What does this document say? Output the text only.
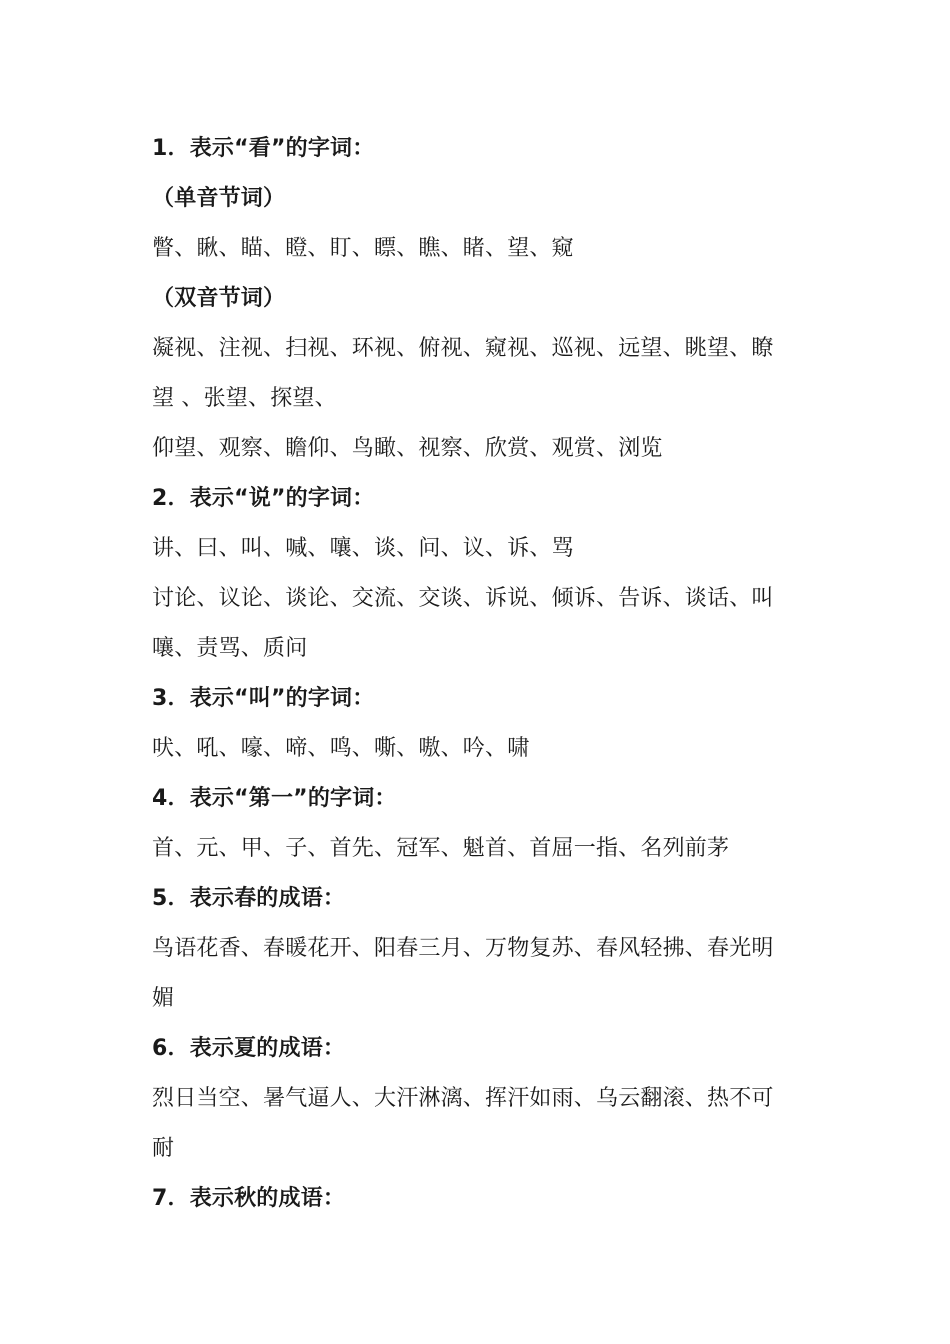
1．表示“看”的字词：
（单音节词）
瞥、瞅、瞄、瞪、盯、瞟、瞧、睹、望、窥
（双音节词）
凝视、注视、扫视、环视、俯视、窥视、巡视、远望、眺望、瞭
望 、张望、探望、
仰望、观察、瞻仰、鸟瞰、视察、欣赏、观赏、浏览
2．表示“说”的字词：
讲、曰、叫、喊、嚷、谈、问、议、诉、骂
讨论、议论、谈论、交流、交谈、诉说、倾诉、告诉、谈话、叫
嚷、责骂、质问
3．表示“叫”的字词：
吠、吼、嚎、啼、鸣、嘶、嗷、吟、啸
4．表示“第一”的字词：
首、元、甲、子、首先、冠军、魁首、首屈一指、名列前茅
5．表示春的成语：
鸟语花香、春暖花开、阳春三月、万物复苏、春风轻拂、春光明
媚
6．表示夏的成语：
烈日当空、暑气逼人、大汗淋漓、挥汗如雨、乌云翻滚、热不可
耐
7．表示秋的成语：
